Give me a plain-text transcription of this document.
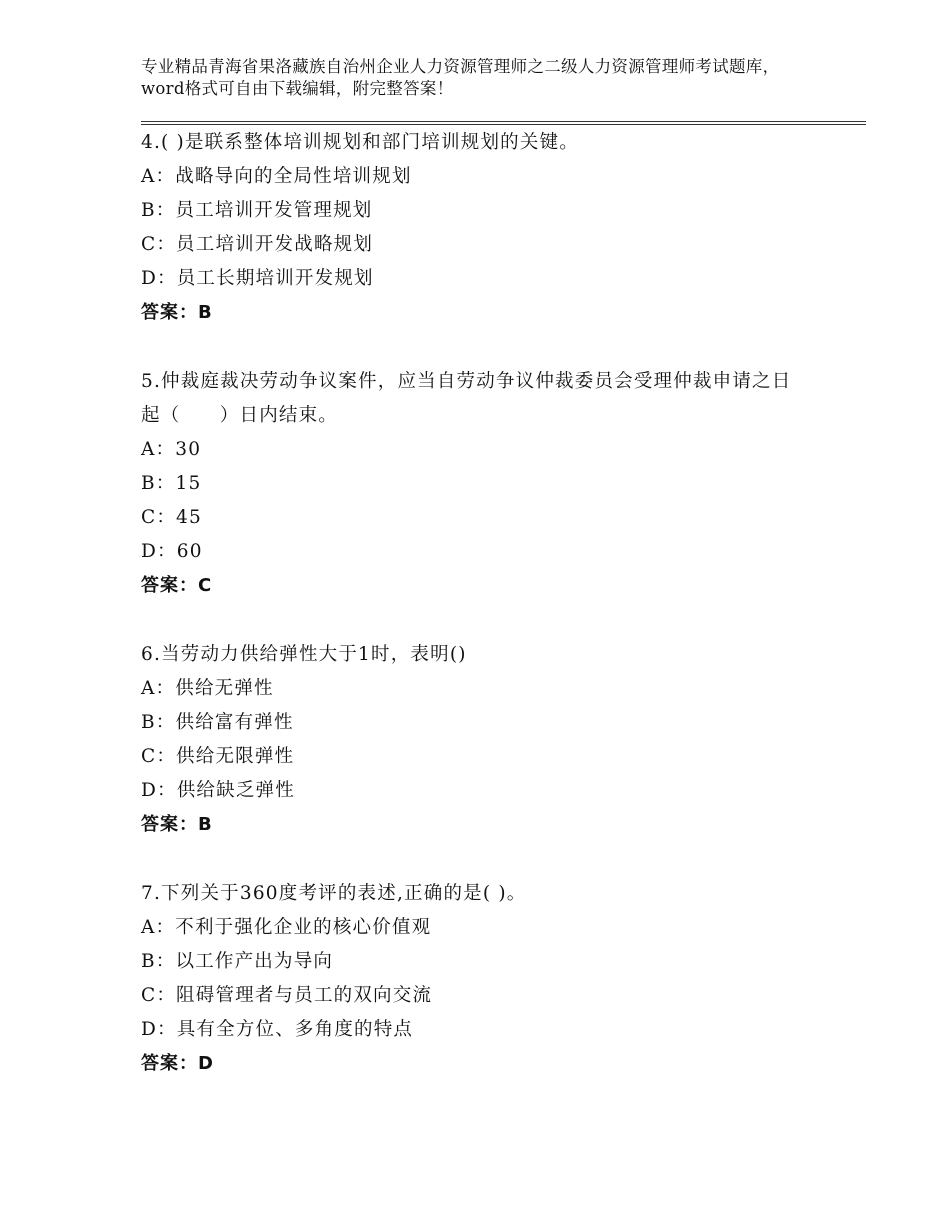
专业精品青海省果洛藏族自治州企业人力资源管理师之二级人力资源管理师考试题库，word格式可自由下载编辑，附完整答案！
4.( )是联系整体培训规划和部门培训规划的关键。
A：战略导向的全局性培训规划
B：员工培训开发管理规划
C：员工培训开发战略规划
D：员工长期培训开发规划
答案：B
5.仲裁庭裁决劳动争议案件，应当自劳动争议仲裁委员会受理仲裁申请之日起（　　）日内结束。
A：30
B：15
C：45
D：60
答案：C
6.当劳动力供给弹性大于1时，表明()
A：供给无弹性
B：供给富有弹性
C：供给无限弹性
D：供给缺乏弹性
答案：B
7.下列关于360度考评的表述,正确的是( )。
A：不利于强化企业的核心价值观
B：以工作产出为导向
C：阻碍管理者与员工的双向交流
D：具有全方位、多角度的特点
答案：D
